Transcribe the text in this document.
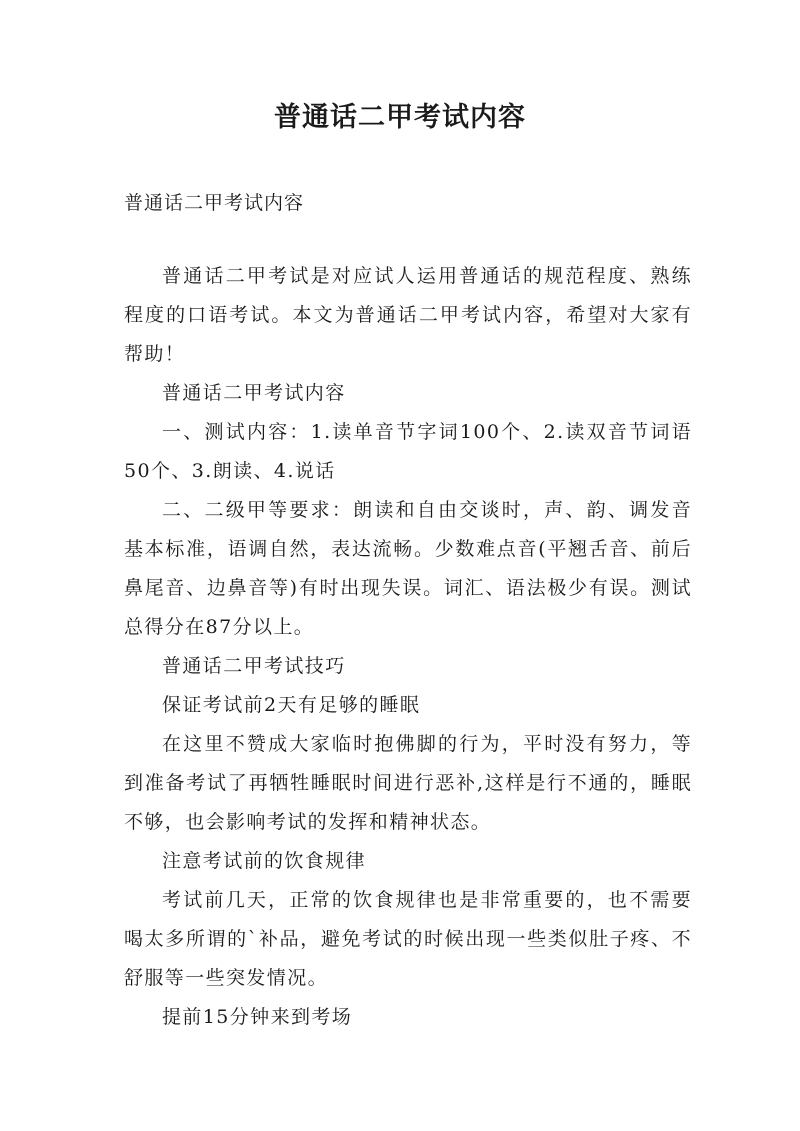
普通话二甲考试内容

普通话二甲考试内容

普通话二甲考试是对应试人运用普通话的规范程度、熟练程度的口语考试。本文为普通话二甲考试内容，希望对大家有帮助！

普通话二甲考试内容

一、测试内容：1.读单音节字词100个、2.读双音节词语50个、3.朗读、4.说话

二、二级甲等要求：朗读和自由交谈时，声、韵、调发音基本标准，语调自然，表达流畅。少数难点音(平翘舌音、前后鼻尾音、边鼻音等)有时出现失误。词汇、语法极少有误。测试总得分在87分以上。

普通话二甲考试技巧

保证考试前2天有足够的睡眠

在这里不赞成大家临时抱佛脚的行为，平时没有努力，等到准备考试了再牺牲睡眠时间进行恶补,这样是行不通的，睡眠不够，也会影响考试的发挥和精神状态。

注意考试前的饮食规律

考试前几天，正常的饮食规律也是非常重要的，也不需要喝太多所谓的`补品，避免考试的时候出现一些类似肚子疼、不舒服等一些突发情况。

提前15分钟来到考场
